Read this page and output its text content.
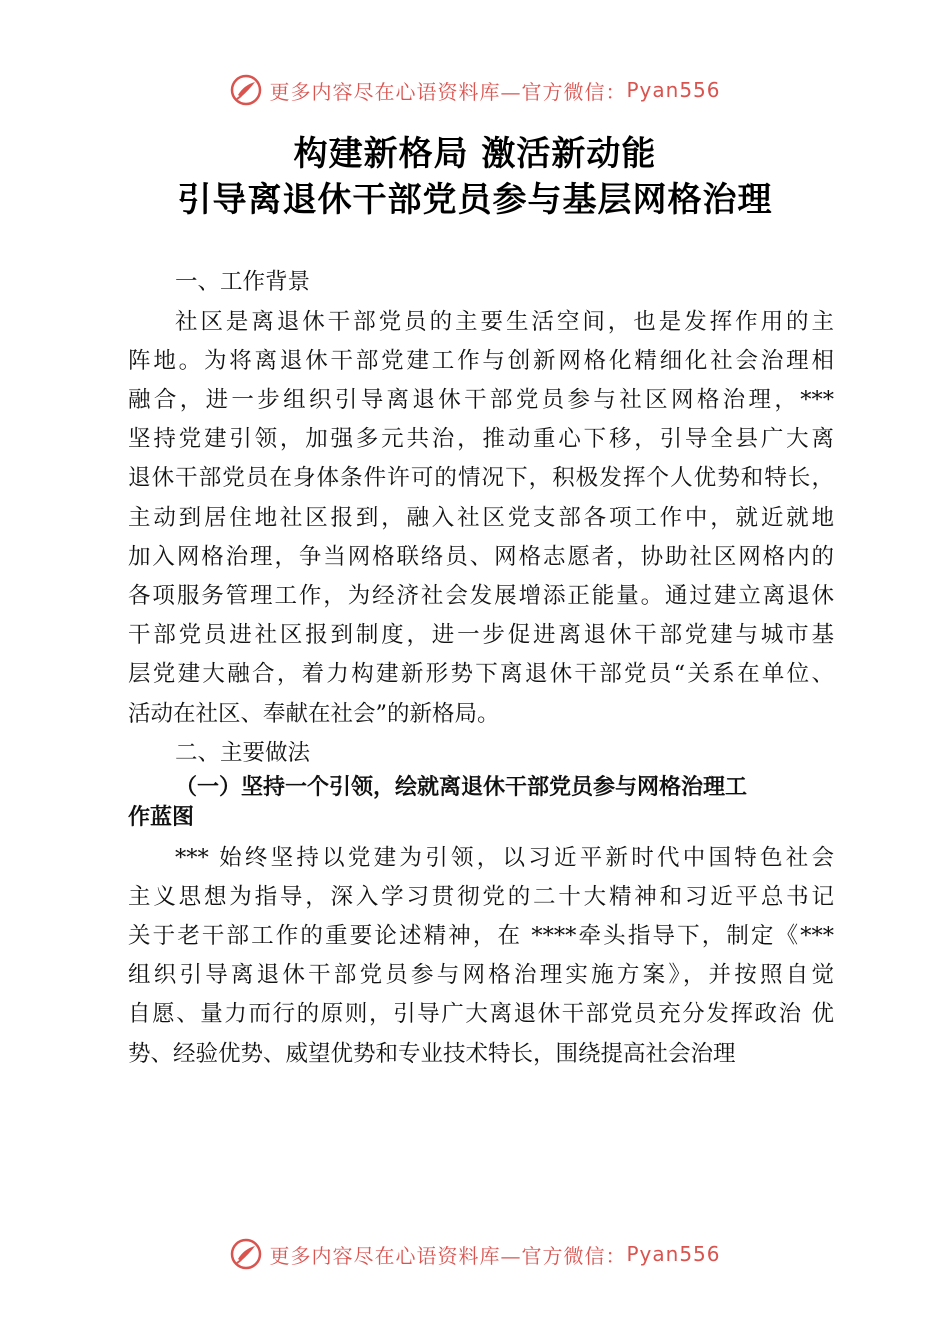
更多内容尽在心语资料库—官方微信： Pyan556
构建新格局 激活新动能
引导离退休干部党员参与基层网格治理
一、工作背景
社区是离退休干部党员的主要生活空间，也是发挥作用的主
阵地。为将离退休干部党建工作与创新网格化精细化社会治理相
融合，进一步组织引导离退休干部党员参与社区网格治理，***
坚持党建引领，加强多元共治，推动重心下移，引导全县广大离
退休干部党员在身体条件许可的情况下，积极发挥个人优势和特长，
主动到居住地社区报到，融入社区党支部各项工作中，就近就地
加入网格治理，争当网格联络员、网格志愿者，协助社区网格内的
各项服务管理工作，为经济社会发展增添正能量。通过建立离退休
干部党员进社区报到制度，进一步促进离退休干部党建与城市基
层党建大融合，着力构建新形势下离退休干部党员“关系在单位、
活动在社区、奉献在社会”的新格局。
二、主要做法
（一）坚持一个引领，绘就离退休干部党员参与网格治理工
作蓝图
*** 始终坚持以党建为引领，以习近平新时代中国特色社会
主义思想为指导，深入学习贯彻党的二十大精神和习近平总书记
关于老干部工作的重要论述精神，在 ****牵头指导下，制定《***
组织引导离退休干部党员参与网格治理实施方案》，并按照自觉
自愿、量力而行的原则，引导广大离退休干部党员充分发挥政治 优
势、经验优势、威望优势和专业技术特长，围绕提高社会治理
更多内容尽在心语资料库—官方微信： Pyan556
